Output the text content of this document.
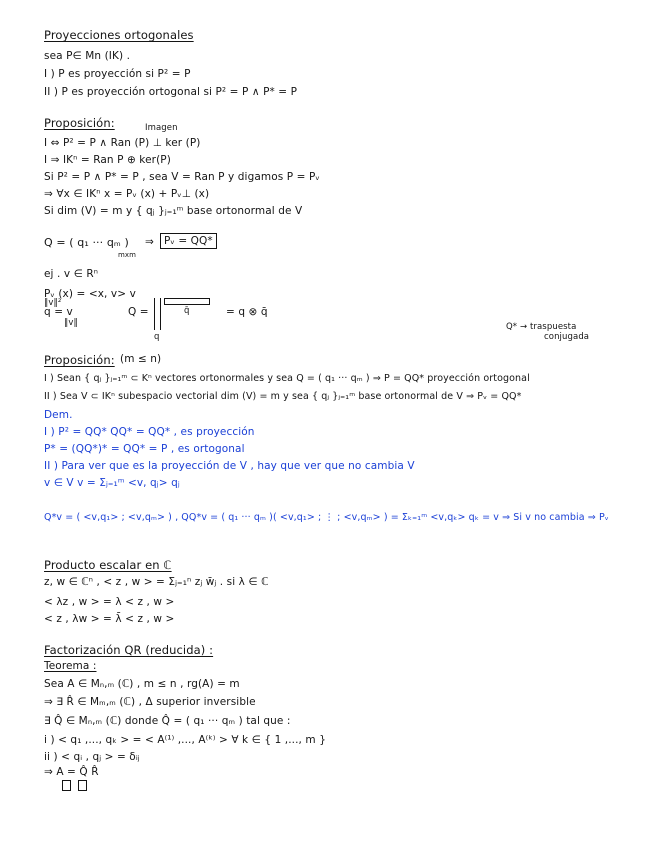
Proyecciones ortogonales
sea P∈ Mn (IK) .
I ) P es proyección si P² = P
II ) P es proyección ortogonal si P² = P ∧ P* = P
Proposición:	Imagen
I ⇔ P² = P ∧ Ran (P) ⊥ ker (P)
I ⇒ IKⁿ = Ran P ⊕ ker(P)
Si P² = P ∧ P* = P , sea V = Ran P y digamos P = Pᵥ
⇒ ∀x ∈ IKⁿ x = Pᵥ (x) + Pᵥ⊥ (x)
Si dim (V) = m y { qⱼ }ⱼ₌₁ᵐ base ortonormal de V
Q = ( q₁ ··· qₘ )
mxm
⇒ Pᵥ = QQ*
ej . v ∈ Rⁿ
Pᵥ (x) = <x, v> v
‖v‖²
q = v
‖v‖
Q =	q̄
q
= q ⊗ q̄
Q* → traspuesta
conjugada
Proposición: (m ≤ n)
I ) Sean { qⱼ }ⱼ₌₁ᵐ ⊂ Kⁿ vectores ortonormales y sea Q = ( q₁ ··· qₘ ) ⇒ P = QQ* proyección ortogonal
II ) Sea V ⊂ IKⁿ subespacio vectorial dim (V) = m y sea { qⱼ }ⱼ₌₁ᵐ base ortonormal de V ⇒ Pᵥ = QQ*
Dem.
I ) P² = QQ* QQ* = QQ* , es proyección
P* = (QQ*)* = QQ* = P , es ortogonal
II ) Para ver que es la proyección de V , hay que ver que no cambia V
v ∈ V v = Σⱼ₌₁ᵐ <v, qⱼ> qⱼ
Q*v = ( <v,q₁> ; <v,qₘ> ) , QQ*v = ( q₁ ··· qₘ )( <v,q₁> ; ⋮ ; <v,qₘ> ) = Σₖ₌₁ᵐ <v,qₖ> qₖ = v ⇒ Si v no cambia ⇒ Pᵥ
Producto escalar en ℂ
z, w ∈ ℂⁿ , < z , w > = Σⱼ₌₁ⁿ zⱼ w̄ⱼ . si λ ∈ ℂ
< λz , w > = λ < z , w >
< z , λw > = λ̄ < z , w >
Factorización QR (reducida) :
Teorema :
Sea A ∈ Mₙ,ₘ (ℂ) , m ≤ n , rg(A) = m
⇒ ∃ R̂ ∈ Mₘ,ₘ (ℂ) , Δ superior inversible
∃ Q̂ ∈ Mₙ,ₘ (ℂ) donde Q̂ = ( q₁ ··· qₘ ) tal que :
i ) < q₁ ,..., qₖ > = < A⁽¹⁾ ,..., A⁽ᵏ⁾ > ∀ k ∈ { 1 ,..., m }
ii ) < qᵢ , qⱼ > = δᵢⱼ
⇒ A = Q̂ R̂
